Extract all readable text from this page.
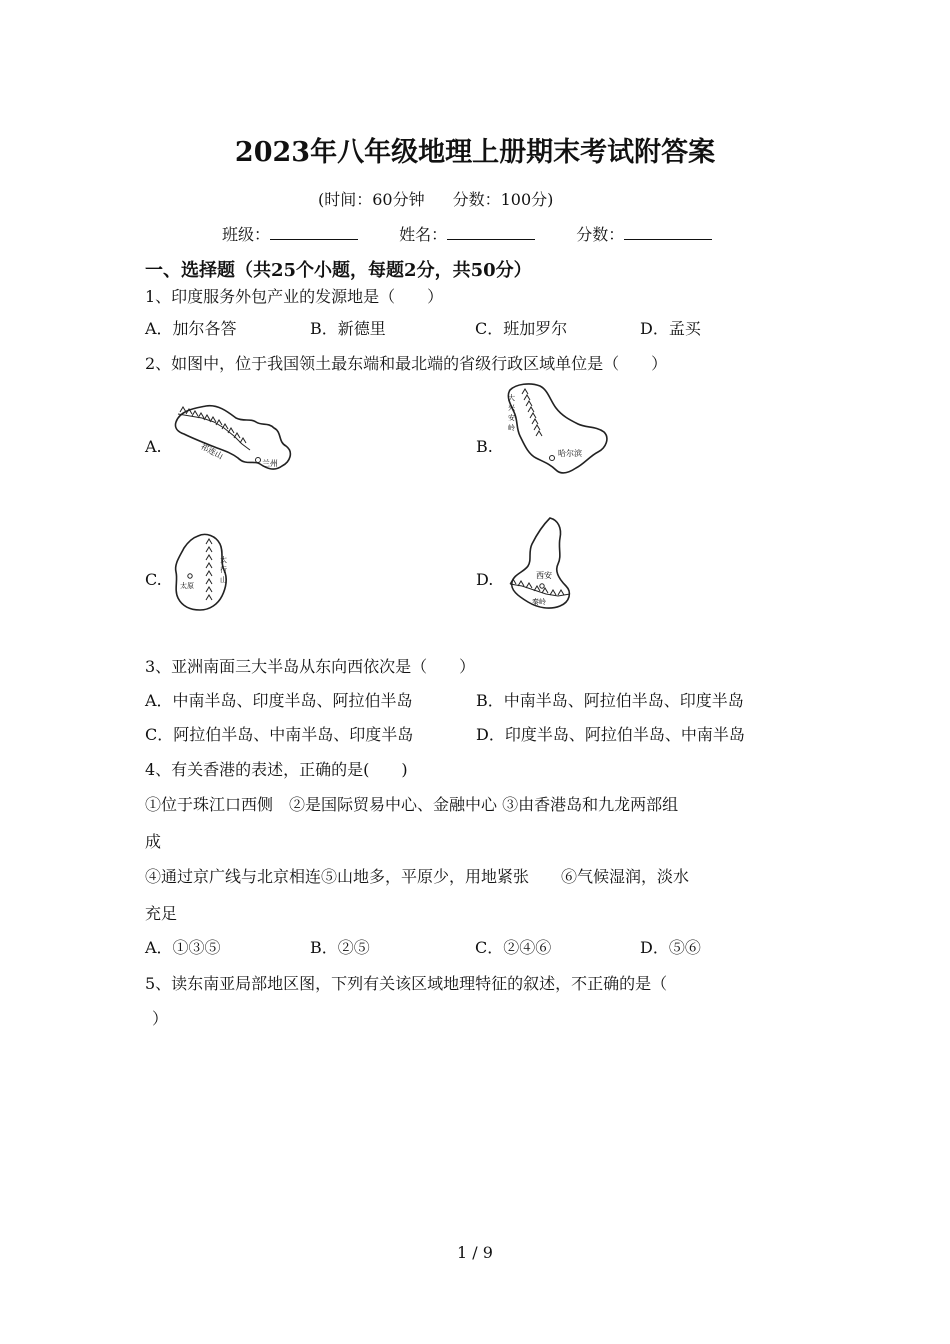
2023年八年级地理上册期末考试附答案
(时间：60分钟 分数：100分)
班级：	姓名：	分数：
一、选择题（共25个小题，每题2分，共50分）
1、印度服务外包产业的发源地是（　　）
A．加尔各答	B．新德里	C．班加罗尔	D．孟买
2、如图中，位于我国领土最东端和最北端的省级行政区域单位是（　　）
A.	B.
C.	D.
祁连山
兰州
大
兴
安
岭
哈尔滨
太
行
山
太原
西安
秦岭
3、亚洲南面三大半岛从东向西依次是（　　）
A．中南半岛、印度半岛、阿拉伯半岛	B．中南半岛、阿拉伯半岛、印度半岛
C．阿拉伯半岛、中南半岛、印度半岛	D．印度半岛、阿拉伯半岛、中南半岛
4、有关香港的表述，正确的是(　　)
①位于珠江口西侧　②是国际贸易中心、金融中心 ③由香港岛和九龙两部组
成
④通过京广线与北京相连⑤山地多，平原少，用地紧张　　⑥气候湿润，淡水
充足
A．①③⑤	B．②⑤	C．②④⑥	D．⑤⑥
5、读东南亚局部地区图，下列有关该区域地理特征的叙述，不正确的是（
）
1 / 9
